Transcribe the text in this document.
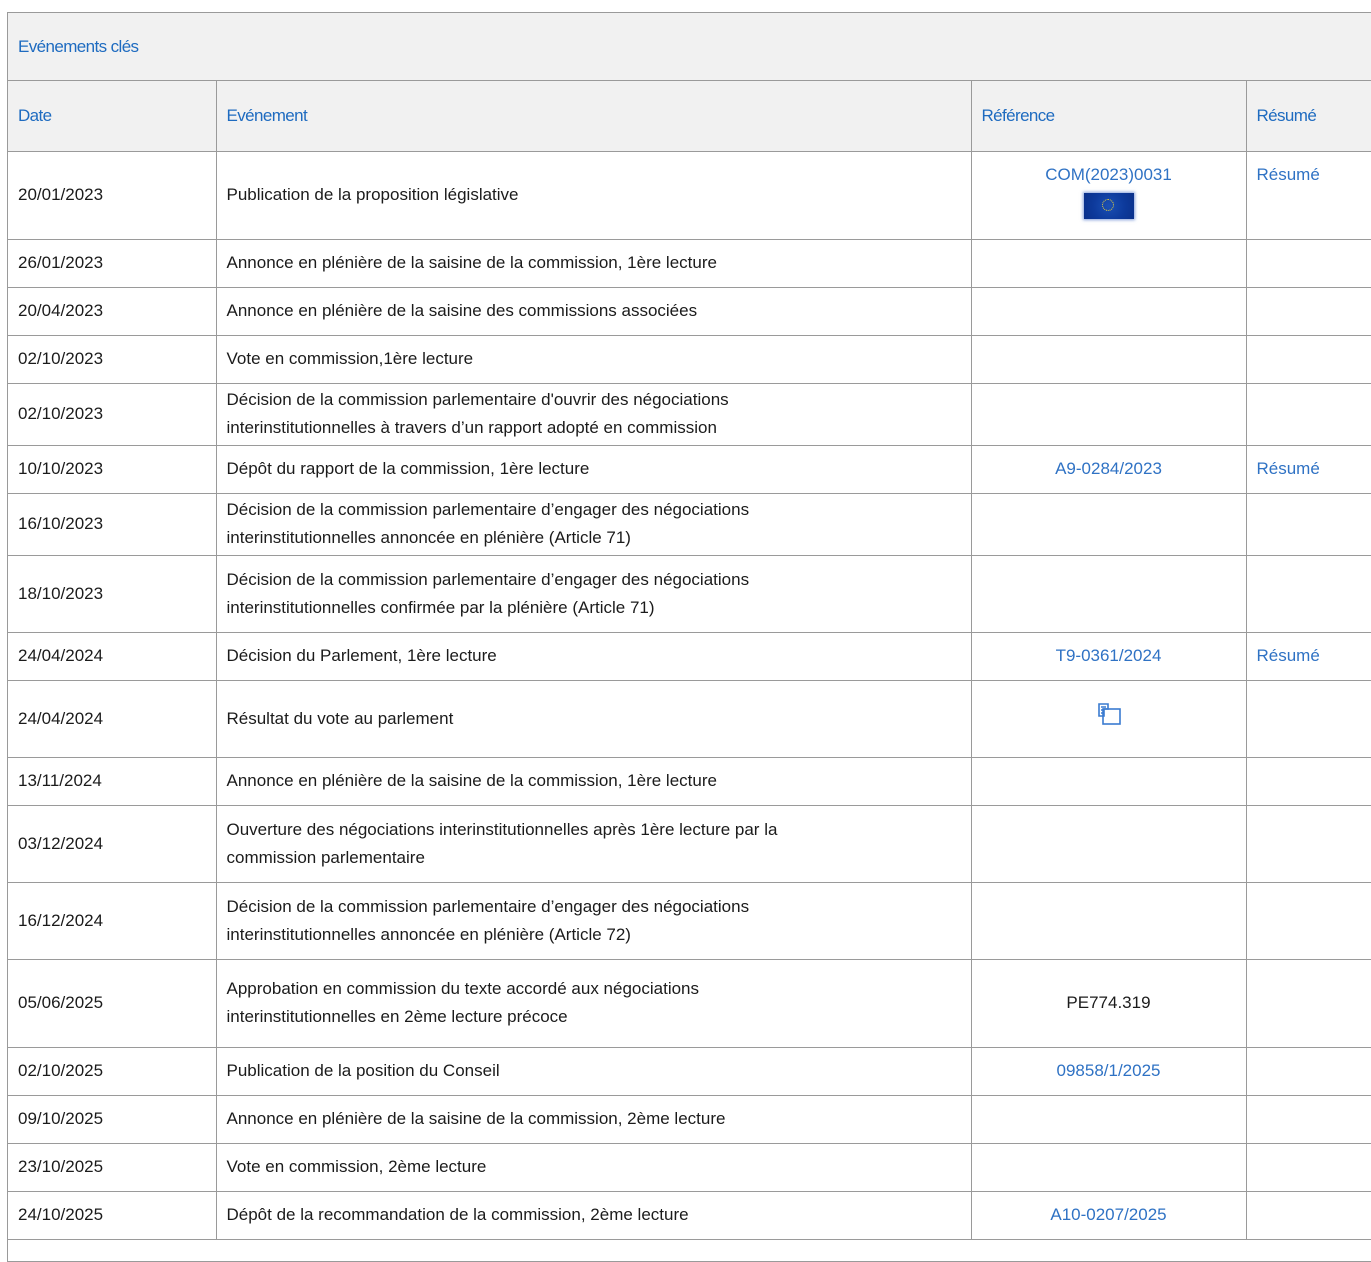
Evénements clés
Date	Evénement	Référence	Résumé
20/01/2023	Publication de la proposition législative	COM(2023)0031	Résumé
26/01/2023	Annonce en plénière de la saisine de la commission, 1ère lecture		

20/04/2023	Annonce en plénière de la saisine des commissions associées		

02/10/2023	Vote en commission,1ère lecture		

02/10/2023	Décision de la commission parlementaire d'ouvrir des négociations
interinstitutionnelles à travers d’un rapport adopté en commission		

10/10/2023	Dépôt du rapport de la commission, 1ère lecture	A9-0284/2023	Résumé
16/10/2023	Décision de la commission parlementaire d’engager des négociations
interinstitutionnelles annoncée en plénière (Article 71)		

18/10/2023	Décision de la commission parlementaire d’engager des négociations
interinstitutionnelles confirmée par la plénière (Article 71)		

24/04/2024	Décision du Parlement, 1ère lecture	T9-0361/2024	Résumé
24/04/2024	Résultat du vote au parlement

13/11/2024	Annonce en plénière de la saisine de la commission, 1ère lecture		

03/12/2024	Ouverture des négociations interinstitutionnelles après 1ère lecture par la
commission parlementaire		

16/12/2024	Décision de la commission parlementaire d’engager des négociations
interinstitutionnelles annoncée en plénière (Article 72)		

05/06/2025	Approbation en commission du texte accordé aux négociations
interinstitutionnelles en 2ème lecture précoce	PE774.319	

02/10/2025	Publication de la position du Conseil	09858/1/2025	

09/10/2025	Annonce en plénière de la saisine de la commission, 2ème lecture		

23/10/2025	Vote en commission, 2ème lecture		

24/10/2025	Dépôt de la recommandation de la commission, 2ème lecture	A10-0207/2025	
